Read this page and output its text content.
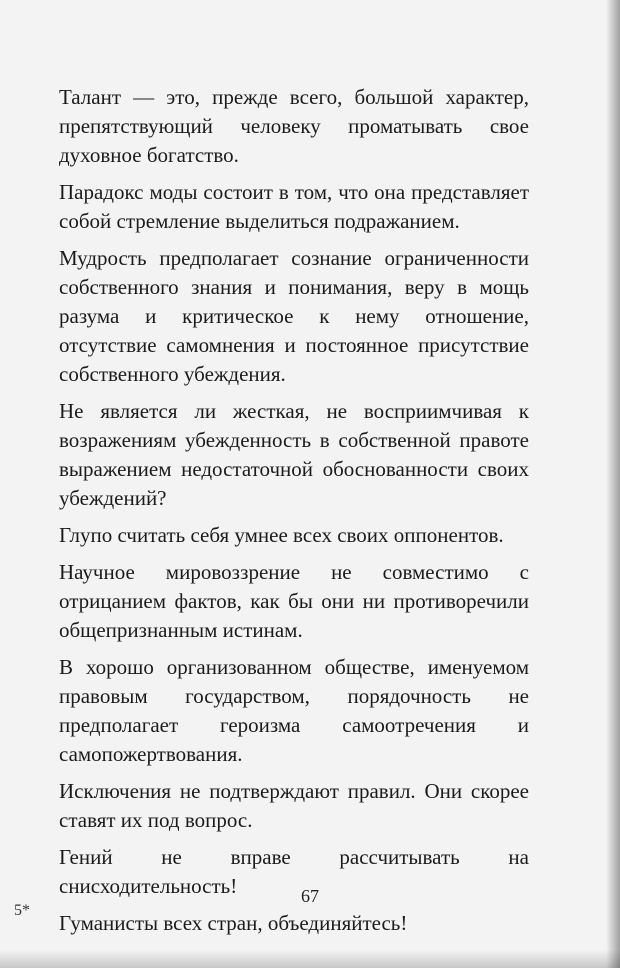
Талант — это, прежде всего, большой характер, препятствующий человеку проматывать свое духовное богатство.

Парадокс моды состоит в том, что она представляет собой стремление выделиться подражанием.

Мудрость предполагает сознание ограниченности собственного знания и понимания, веру в мощь разума и критическое к нему отношение, отсутствие самомнения и постоянное присутствие собственного убеждения.

Не является ли жесткая, не восприимчивая к возражениям убежденность в собственной правоте выражением недостаточной обоснованности своих убеждений?

Глупо считать себя умнее всех своих оппонентов.

Научное мировоззрение не совместимо с отрицанием фактов, как бы они ни противоречили общепризнанным истинам.

В хорошо организованном обществе, именуемом правовым государством, порядочность не предполагает героизма самоотречения и самопожертвования.

Исключения не подтверждают правил. Они скорее ставят их под вопрос.

Гений не вправе рассчитывать на снисходительность!

Гуманисты всех стран, объединяйтесь!

67
5*
